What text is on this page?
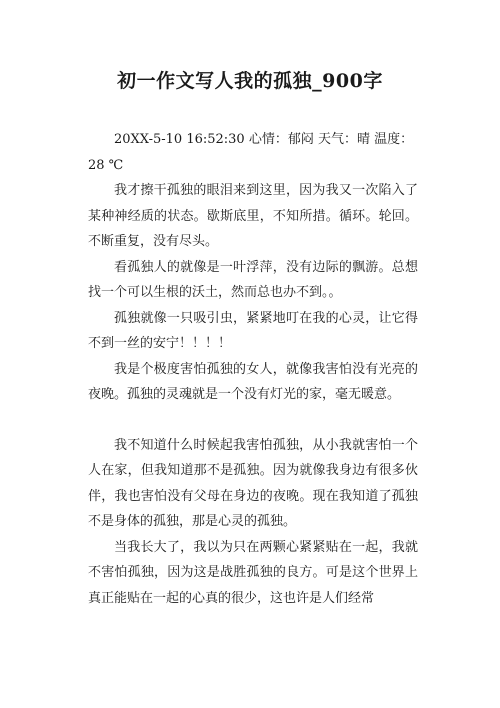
初一作文写人我的孤独_900字

20XX-5-10 16:52:30 心情：郁闷 天气：晴 温度：28 ℃

我才擦干孤独的眼泪来到这里，因为我又一次陷入了某种神经质的状态。歇斯底里，不知所措。循环。轮回。不断重复，没有尽头。

看孤独人的就像是一叶浮萍，没有边际的飘游。总想找一个可以生根的沃土，然而总也办不到。。

孤独就像一只吸引虫，紧紧地叮在我的心灵，让它得不到一丝的安宁！！！！

我是个极度害怕孤独的女人，就像我害怕没有光亮的夜晚。孤独的灵魂就是一个没有灯光的家，毫无暖意。

我不知道什么时候起我害怕孤独，从小我就害怕一个人在家，但我知道那不是孤独。因为就像我身边有很多伙伴，我也害怕没有父母在身边的夜晚。现在我知道了孤独不是身体的孤独，那是心灵的孤独。

当我长大了，我以为只在两颗心紧紧贴在一起，我就不害怕孤独，因为这是战胜孤独的良方。可是这个世界上真正能贴在一起的心真的很少，这也许是人们经常
